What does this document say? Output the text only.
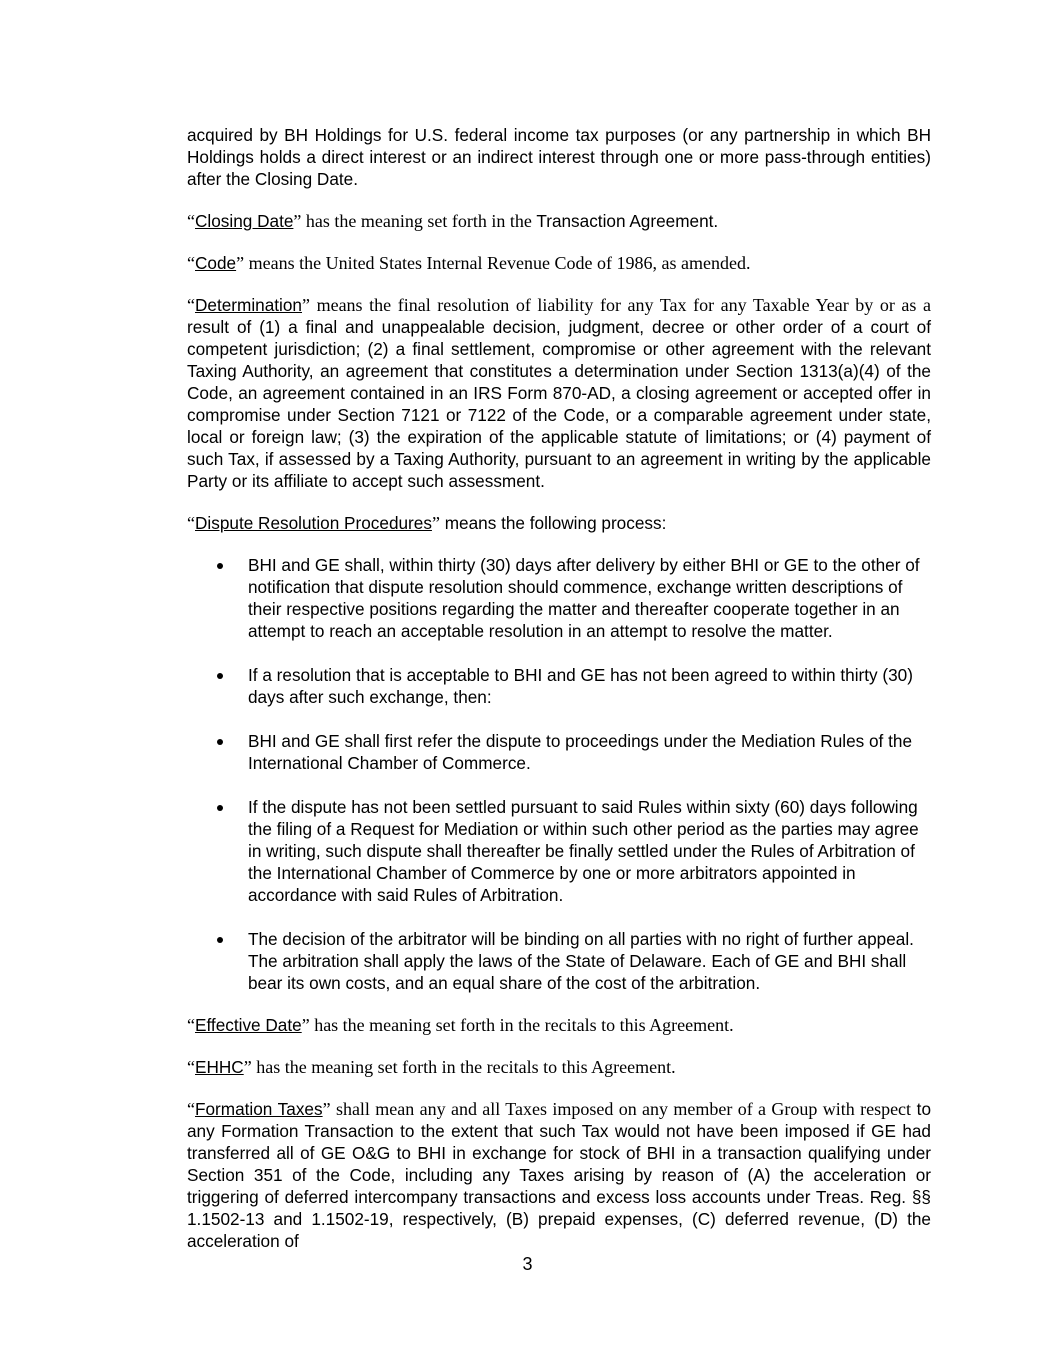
acquired by BH Holdings for U.S. federal income tax purposes (or any partnership in which BH Holdings holds a direct interest or an indirect interest through one or more pass-through entities) after the Closing Date.

“Closing Date” has the meaning set forth in the Transaction Agreement.

“Code” means the United States Internal Revenue Code of 1986, as amended.

“Determination” means the final resolution of liability for any Tax for any Taxable Year by or as a result of (1) a final and unappealable decision, judgment, decree or other order of a court of competent jurisdiction; (2) a final settlement, compromise or other agreement with the relevant Taxing Authority, an agreement that constitutes a determination under Section 1313(a)(4) of the Code, an agreement contained in an IRS Form 870-AD, a closing agreement or accepted offer in compromise under Section 7121 or 7122 of the Code, or a comparable agreement under state, local or foreign law; (3) the expiration of the applicable statute of limitations; or (4) payment of such Tax, if assessed by a Taxing Authority, pursuant to an agreement in writing by the applicable Party or its affiliate to accept such assessment.

“Dispute Resolution Procedures” means the following process:

BHI and GE shall, within thirty (30) days after delivery by either BHI or GE to the other of notification that dispute resolution should commence, exchange written descriptions of their respective positions regarding the matter and thereafter cooperate together in an attempt to reach an acceptable resolution in an attempt to resolve the matter.
If a resolution that is acceptable to BHI and GE has not been agreed to within thirty (30) days after such exchange, then:
BHI and GE shall first refer the dispute to proceedings under the Mediation Rules of the International Chamber of Commerce.
If the dispute has not been settled pursuant to said Rules within sixty (60) days following the filing of a Request for Mediation or within such other period as the parties may agree in writing, such dispute shall thereafter be finally settled under the Rules of Arbitration of the International Chamber of Commerce by one or more arbitrators appointed in accordance with said Rules of Arbitration.
The decision of the arbitrator will be binding on all parties with no right of further appeal. The arbitration shall apply the laws of the State of Delaware. Each of GE and BHI shall bear its own costs, and an equal share of the cost of the arbitration.

“Effective Date” has the meaning set forth in the recitals to this Agreement.

“EHHC” has the meaning set forth in the recitals to this Agreement.

“Formation Taxes” shall mean any and all Taxes imposed on any member of a Group with respect to any Formation Transaction to the extent that such Tax would not have been imposed if GE had transferred all of GE O&G to BHI in exchange for stock of BHI in a transaction qualifying under Section 351 of the Code, including any Taxes arising by reason of (A) the acceleration or triggering of deferred intercompany transactions and excess loss accounts under Treas. Reg. §§ 1.1502-13 and 1.1502-19, respectively, (B) prepaid expenses, (C) deferred revenue, (D) the acceleration of

3
